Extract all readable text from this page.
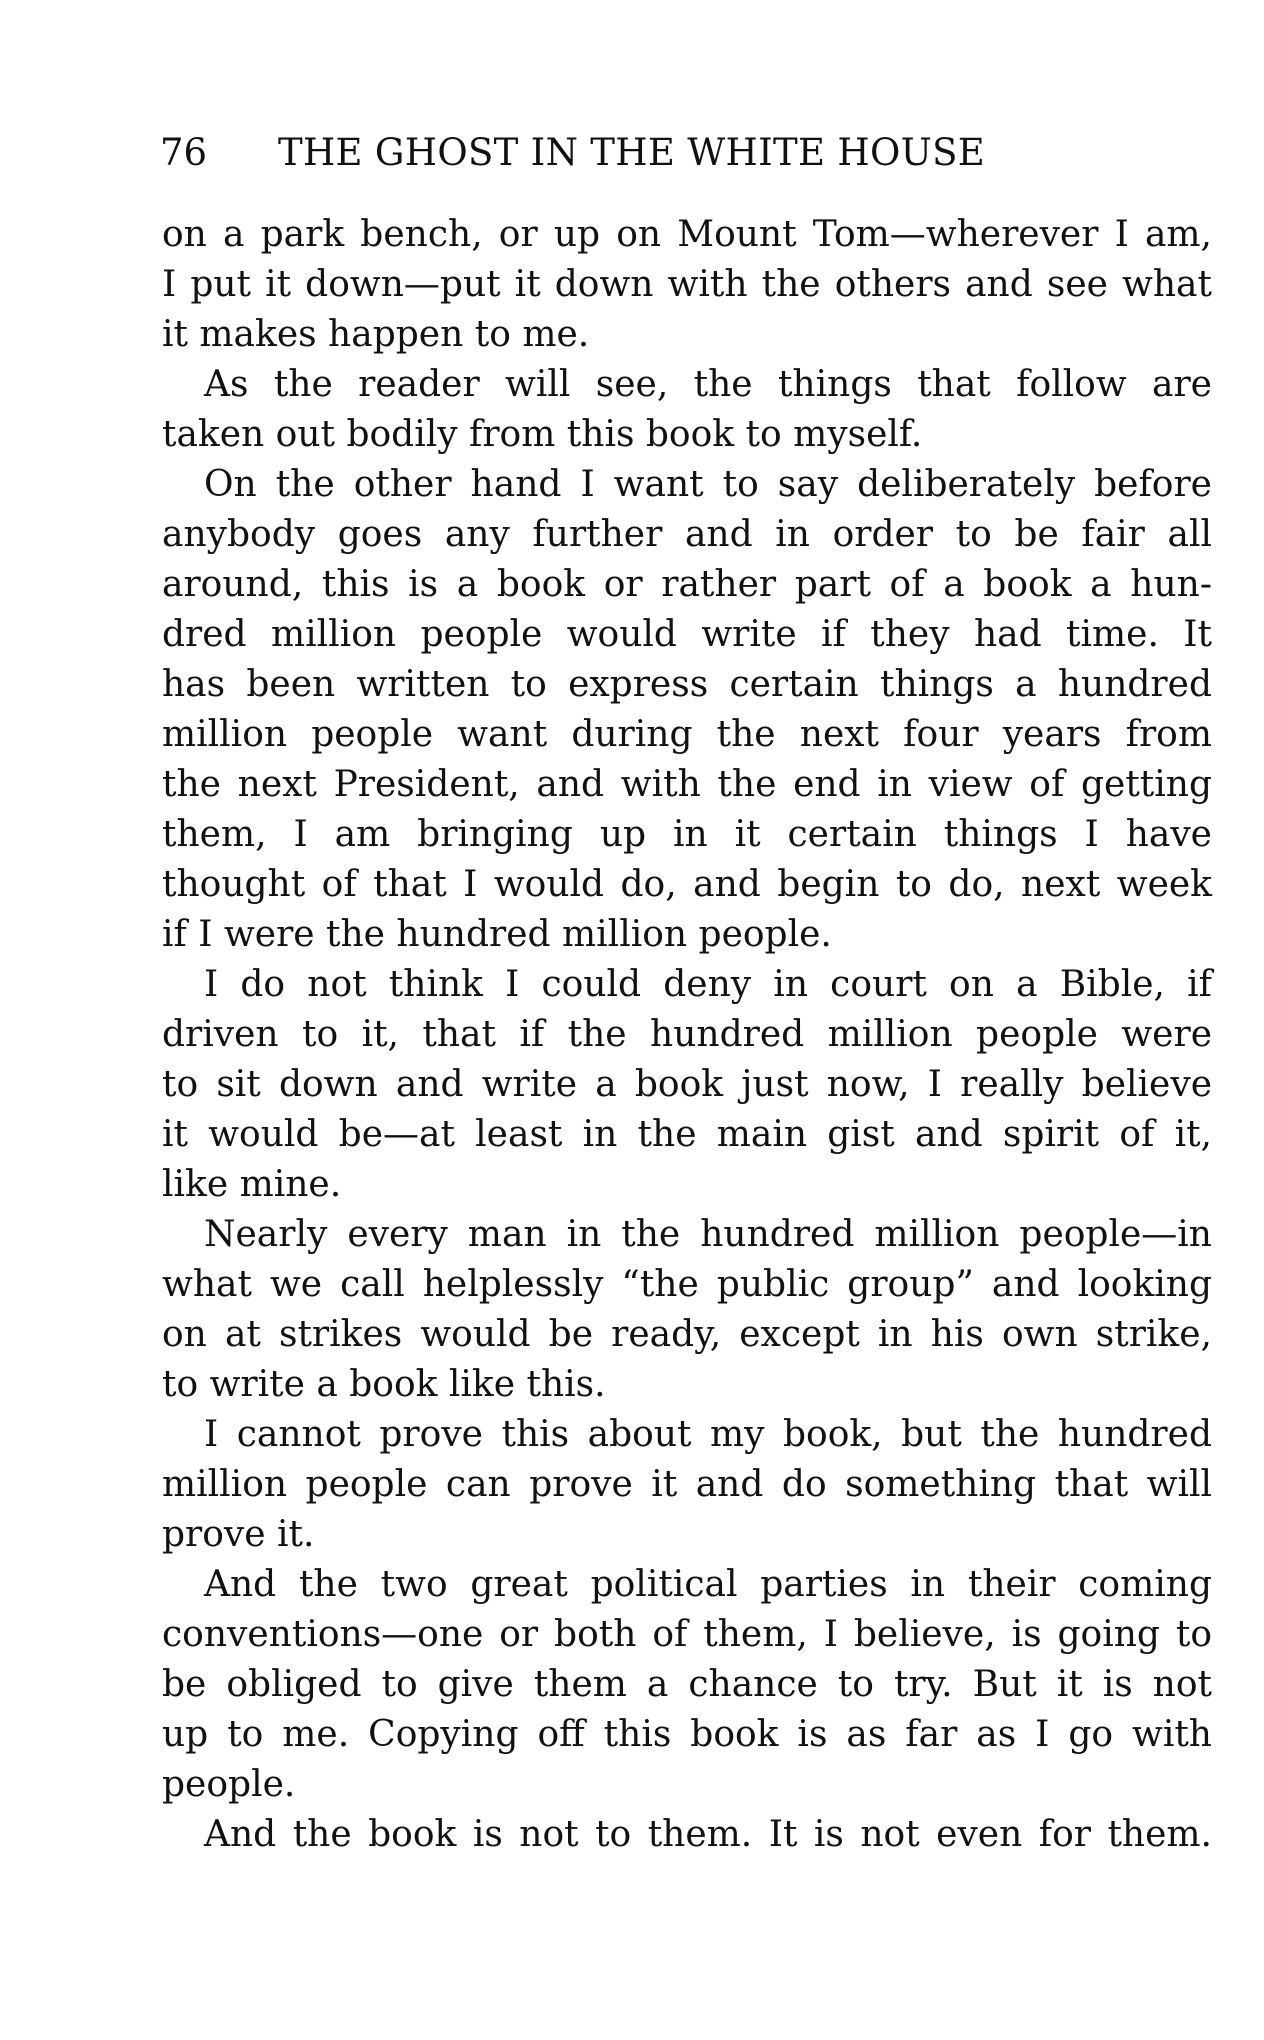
76 THE GHOST IN THE WHITE HOUSE
on a park bench, or up on Mount Tom—wherever I am,
I put it down—put it down with the others and see what
it makes happen to me.
As the reader will see, the things that follow are
taken out bodily from this book to myself.
On the other hand I want to say deliberately before
anybody goes any further and in order to be fair all
around, this is a book or rather part of a book a hun-
dred million people would write if they had time. It
has been written to express certain things a hundred
million people want during the next four years from
the next President, and with the end in view of getting
them, I am bringing up in it certain things I have
thought of that I would do, and begin to do, next week
if I were the hundred million people.
I do not think I could deny in court on a Bible, if
driven to it, that if the hundred million people were
to sit down and write a book just now, I really believe
it would be—at least in the main gist and spirit of it,
like mine.
Nearly every man in the hundred million people—in
what we call helplessly “the public group” and looking
on at strikes would be ready, except in his own strike,
to write a book like this.
I cannot prove this about my book, but the hundred
million people can prove it and do something that will
prove it.
And the two great political parties in their coming
conventions—one or both of them, I believe, is going to
be obliged to give them a chance to try. But it is not
up to me. Copying off this book is as far as I go with
people.
And the book is not to them. It is not even for them.
